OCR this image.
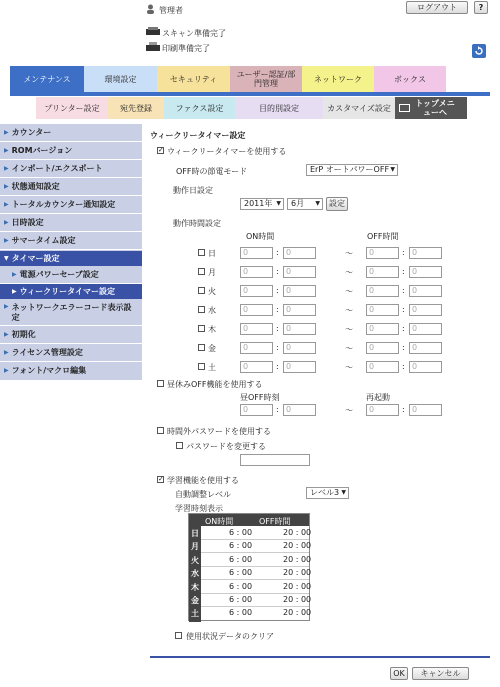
管理者	ログアウト	?
スキャン準備完了
印刷準備完了
メンテナンス	環境設定	セキュリティ	ユーザー認証/部門管理	ネットワーク	ボックス
プリンター設定	宛先登録	ファクス設定	目的別設定	カスタマイズ設定	トップメニューへ
▶ カウンター
▶ ROMバージョン
▶ インポート/エクスポート
▶ 状態通知設定
▶ トータルカウンター通知設定
▶ 日時設定
▶ サマータイム設定
▼ タイマー設定
▶ 電源パワーセーブ設定
▶ ウィークリータイマー設定
▶ ネットワークエラーコード表示設定
▶ 初期化
▶ ライセンス管理設定
▶ フォント/マクロ編集
ウィークリータイマー設定
✓ ウィークリータイマーを使用する
OFF時の節電モード	ErP オートパワーOFF ▼
動作日設定
2011年 ▼	6月 ▼	設定
動作時間設定
ON時間	OFF時間
日	0	: 0	〜	0	: 0
月	0	: 0	〜	0	: 0
火	0	: 0	〜	0	: 0
水	0	: 0	〜	0	: 0
木	0	: 0	〜	0	: 0
金	0	: 0	〜	0	: 0
土	0	: 0	〜	0	: 0
昼休みOFF機能を使用する
昼OFF時刻	再起動
0	: 0	〜	0	: 0
時間外パスワードを使用する
パスワードを変更する
✓ 学習機能を使用する
自動調整レベル	レベル3 ▼
学習時刻表示
ON時間	OFF時間
日	6 : 00	20 : 00
月	6 : 00	20 : 00
火	6 : 00	20 : 00
水	6 : 00	20 : 00
木	6 : 00	20 : 00
金	6 : 00	20 : 00
土	6 : 00	20 : 00
使用状況データのクリア
OK	キャンセル
